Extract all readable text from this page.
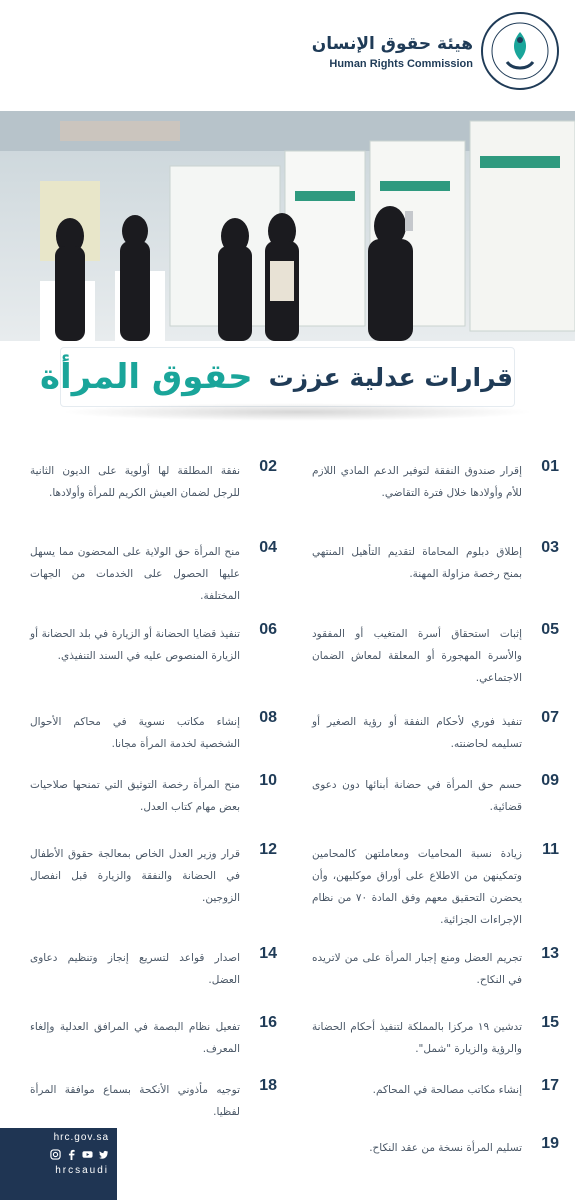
هيئة حقوق الإنسان
Human Rights Commission
قرارات عدلية عززت
حقوق المرأة
01
إقرار صندوق النفقة لتوفير الدعم المادي اللازم للأم وأولادها خلال فترة التقاضي.
02
نفقة المطلقة لها أولوية على الديون الثانية للرجل لضمان العيش الكريم للمرأة وأولادها.
03
إطلاق دبلوم المحاماة لتقديم التأهيل المنتهي بمنح رخصة مزاولة المهنة.
04
منح المرأة حق الولاية على المحضون مما يسهل عليها الحصول على الخدمات من الجهات المختلفة.
05
إثبات استحقاق أسرة المتغيب أو المفقود والأسرة المهجورة أو المعلقة لمعاش الضمان الاجتماعي.
06
تنفيذ قضايا الحضانة أو الزيارة في بلد الحضانة أو الزيارة المنصوص عليه في السند التنفيذي.
07
تنفيذ فوري لأحكام النفقة أو رؤية الصغير أو تسليمه لحاضنته.
08
إنشاء مكاتب نسوية في محاكم الأحوال الشخصية لخدمة المرأة مجانا.
09
حسم حق المرأة في حضانة أبنائها دون دعوى قضائية.
10
منح المرأة رخصة التوثيق التي تمنحها صلاحيات بعض مهام كتاب العدل.
11
زيادة نسبة المحاميات ومعاملتهن كالمحامين وتمكينهن من الاطلاع على أوراق موكليهن، وأن يحضرن التحقيق معهم وفق المادة ٧٠ من نظام الإجراءات الجزائية.
12
قرار وزير العدل الخاص بمعالجة حقوق الأطفال في الحضانة والنفقة والزيارة قبل انفصال الزوجين.
13
تجريم العضل ومنع إجبار المرأة على من لاتريده في النكاح.
14
اصدار قواعد لتسريع إنجاز وتنظيم دعاوى العضل.
15
تدشين ١٩ مركزا بالمملكة لتنفيذ أحكام الحضانة والرؤية والزيارة "شمل".
16
تفعيل نظام البصمة في المرافق العدلية وإلغاء المعرف.
17
إنشاء مكاتب مصالحة في المحاكم.
18
توجيه مأذوني الأنكحة بسماع موافقة المرأة لفظيا.
19
تسليم المرأة نسخة من عقد النكاح.
hrc.gov.sa
hrcsaudi
